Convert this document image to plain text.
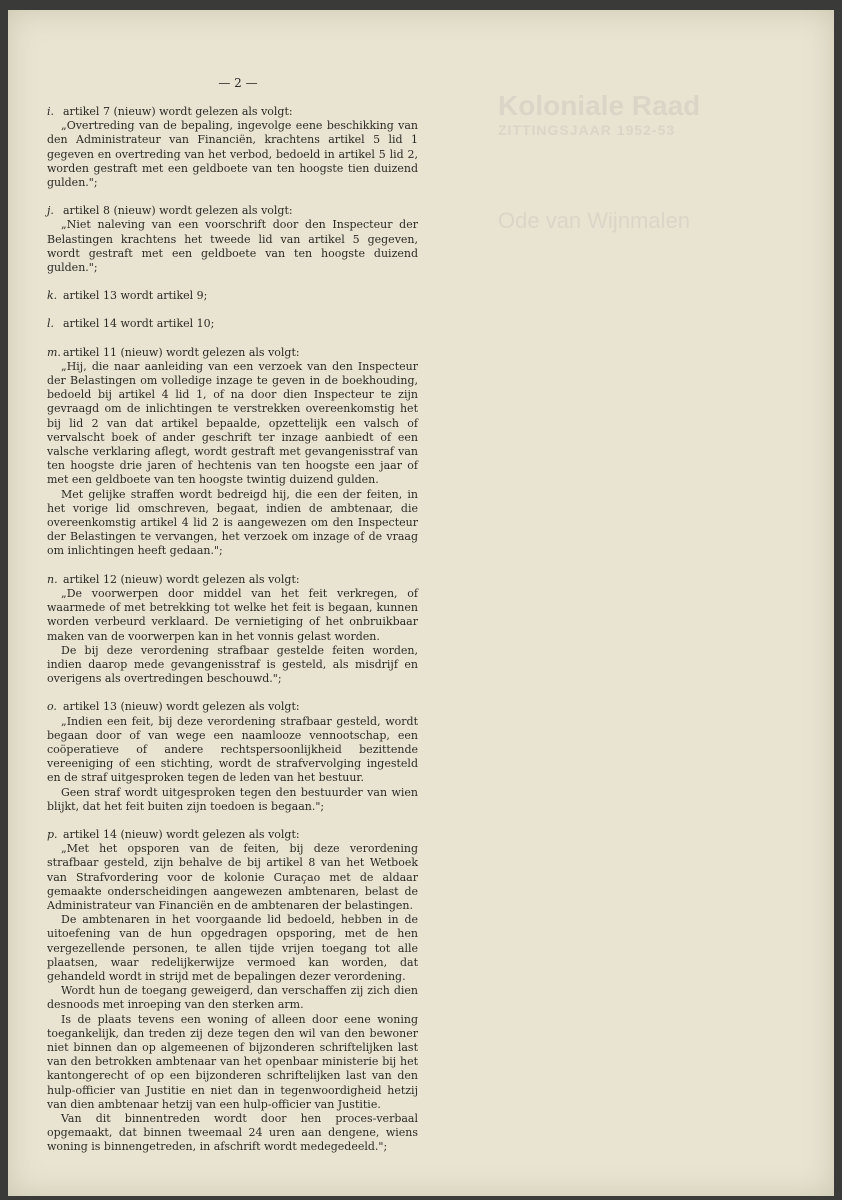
Koloniale Raad
ZITTINGSJAAR 1952-53
Ode van Wijnmalen
— 2 —
i. artikel 7 (nieuw) wordt gelezen als volgt:

„Overtreding van de bepaling, ingevolge eene beschikking van den Administrateur van Financiën, krachtens artikel 5 lid 1 gegeven en overtreding van het verbod, bedoeld in artikel 5 lid 2, worden gestraft met een geldboete van ten hoogste tien duizend gulden.";

j. artikel 8 (nieuw) wordt gelezen als volgt:

„Niet naleving van een voorschrift door den Inspecteur der Belastingen krachtens het tweede lid van artikel 5 gegeven, wordt gestraft met een geldboete van ten hoogste duizend gulden.";

k. artikel 13 wordt artikel 9;
l. artikel 14 wordt artikel 10;
m. artikel 11 (nieuw) wordt gelezen als volgt:

„Hij, die naar aanleiding van een verzoek van den Inspecteur der Belastingen om volledige inzage te geven in de boekhouding, bedoeld bij artikel 4 lid 1, of na door dien Inspecteur te zijn gevraagd om de inlichtingen te verstrekken overeenkomstig het bij lid 2 van dat artikel bepaalde, opzettelijk een valsch of vervalscht boek of ander geschrift ter inzage aanbiedt of een valsche verklaring aflegt, wordt gestraft met gevangenisstraf van ten hoogste drie jaren of hechtenis van ten hoogste een jaar of met een geldboete van ten hoogste twintig duizend gulden.

Met gelijke straffen wordt bedreigd hij, die een der feiten, in het vorige lid omschreven, begaat, indien de ambtenaar, die overeenkomstig artikel 4 lid 2 is aangewezen om den Inspecteur der Belastingen te vervangen, het verzoek om inzage of de vraag om inlichtingen heeft gedaan.";

n. artikel 12 (nieuw) wordt gelezen als volgt:

„De voorwerpen door middel van het feit verkregen, of waarmede of met betrekking tot welke het feit is begaan, kunnen worden verbeurd verklaard. De vernietiging of het onbruikbaar maken van de voorwerpen kan in het vonnis gelast worden.

De bij deze verordening strafbaar gestelde feiten worden, indien daarop mede gevangenisstraf is gesteld, als misdrijf en overigens als overtredingen beschouwd.";

o. artikel 13 (nieuw) wordt gelezen als volgt:

„Indien een feit, bij deze verordening strafbaar gesteld, wordt begaan door of van wege een naamlooze vennootschap, een coöperatieve of andere rechtspersoonlijkheid bezittende vereeniging of een stichting, wordt de strafvervolging ingesteld en de straf uitgesproken tegen de leden van het bestuur.

Geen straf wordt uitgesproken tegen den bestuurder van wien blijkt, dat het feit buiten zijn toedoen is begaan.";

p. artikel 14 (nieuw) wordt gelezen als volgt:

„Met het opsporen van de feiten, bij deze verordening strafbaar gesteld, zijn behalve de bij artikel 8 van het Wetboek van Strafvordering voor de kolonie Curaçao met de aldaar gemaakte onderscheidingen aangewezen ambtenaren, belast de Administrateur van Financiën en de ambtenaren der belastingen.

De ambtenaren in het voorgaande lid bedoeld, hebben in de uitoefening van de hun opgedragen opsporing, met de hen vergezellende personen, te allen tijde vrijen toegang tot alle plaatsen, waar redelijkerwijze vermoed kan worden, dat gehandeld wordt in strijd met de bepalingen dezer verordening.

Wordt hun de toegang geweigerd, dan verschaffen zij zich dien desnoods met inroeping van den sterken arm.

Is de plaats tevens een woning of alleen door eene woning toegankelijk, dan treden zij deze tegen den wil van den bewoner niet binnen dan op algemeenen of bijzonderen schriftelijken last van den betrokken ambtenaar van het openbaar ministerie bij het kantongerecht of op een bijzonderen schriftelijken last van den hulp-officier van Justitie en niet dan in tegenwoordigheid hetzij van dien ambtenaar hetzij van een hulp-officier van Justitie.

Van dit binnentreden wordt door hen proces-verbaal opgemaakt, dat binnen tweemaal 24 uren aan dengene, wiens woning is binnengetreden, in afschrift wordt medegedeeld.";
